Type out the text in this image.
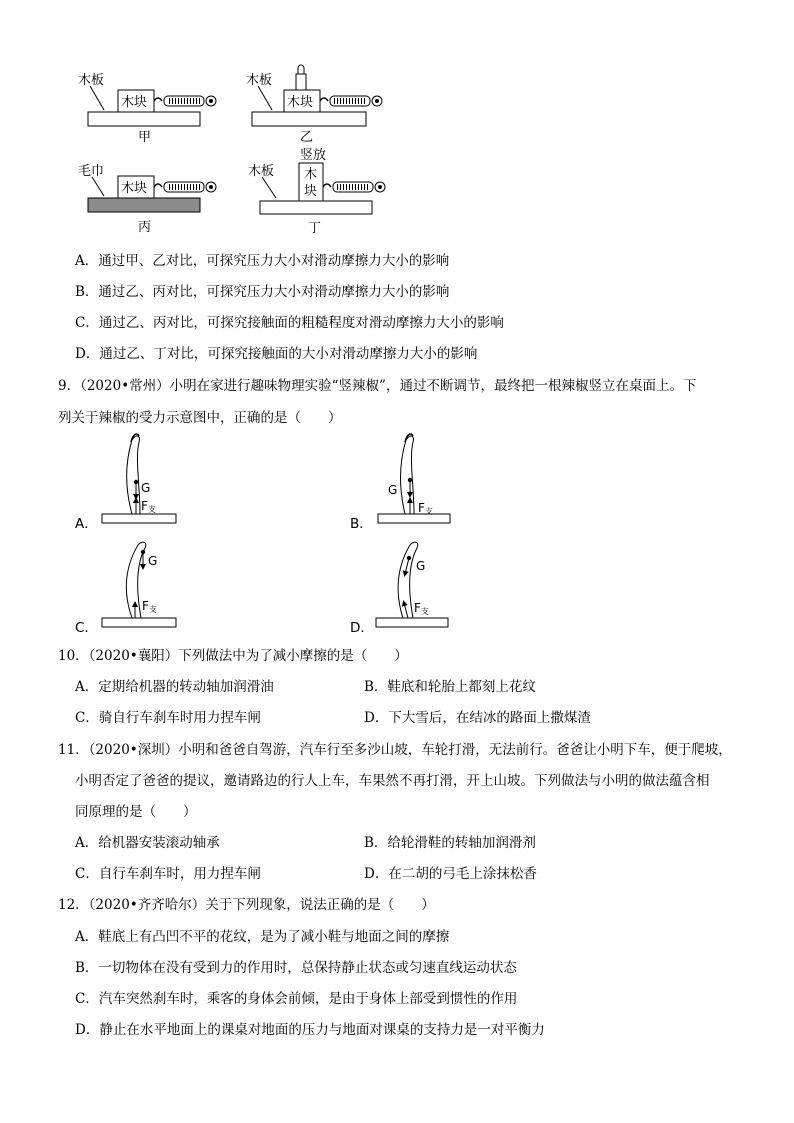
木板
木块
甲
木板
木块
乙
毛巾
木块
丙
竖放
木板 木
块
丁
A．通过甲、乙对比，可探究压力大小对滑动摩擦力大小的影响
B．通过乙、丙对比，可探究压力大小对滑动摩擦力大小的影响
C．通过乙、丙对比，可探究接触面的粗糙程度对滑动摩擦力大小的影响
D．通过乙、丁对比，可探究接触面的大小对滑动摩擦力大小的影响
9．（2020•常州）小明在家进行趣味物理实验“竖辣椒”，通过不断调节，最终把一根辣椒竖立在桌面上。下
列关于辣椒的受力示意图中，正确的是（　　）
A．
G
F支
B．
G
F支
C．
G
F支
D．
G
F支
10．（2020•襄阳）下列做法中为了减小摩擦的是（　　）
A．定期给机器的转动轴加润滑油	B．鞋底和轮胎上都刻上花纹
C．骑自行车刹车时用力捏车闸	D．下大雪后，在结冰的路面上撒煤渣
11．（2020•深圳）小明和爸爸自驾游，汽车行至多沙山坡，车轮打滑，无法前行。爸爸让小明下车，便于爬坡，
小明否定了爸爸的提议，邀请路边的行人上车，车果然不再打滑，开上山坡。下列做法与小明的做法蕴含相
同原理的是（　　）
A．给机器安装滚动轴承	B．给轮滑鞋的转轴加润滑剂
C．自行车刹车时，用力捏车闸	D．在二胡的弓毛上涂抹松香
12．（2020•齐齐哈尔）关于下列现象，说法正确的是（　　）
A．鞋底上有凸凹不平的花纹，是为了减小鞋与地面之间的摩擦
B．一切物体在没有受到力的作用时，总保持静止状态或匀速直线运动状态
C．汽车突然刹车时，乘客的身体会前倾，是由于身体上部受到惯性的作用
D．静止在水平地面上的课桌对地面的压力与地面对课桌的支持力是一对平衡力
